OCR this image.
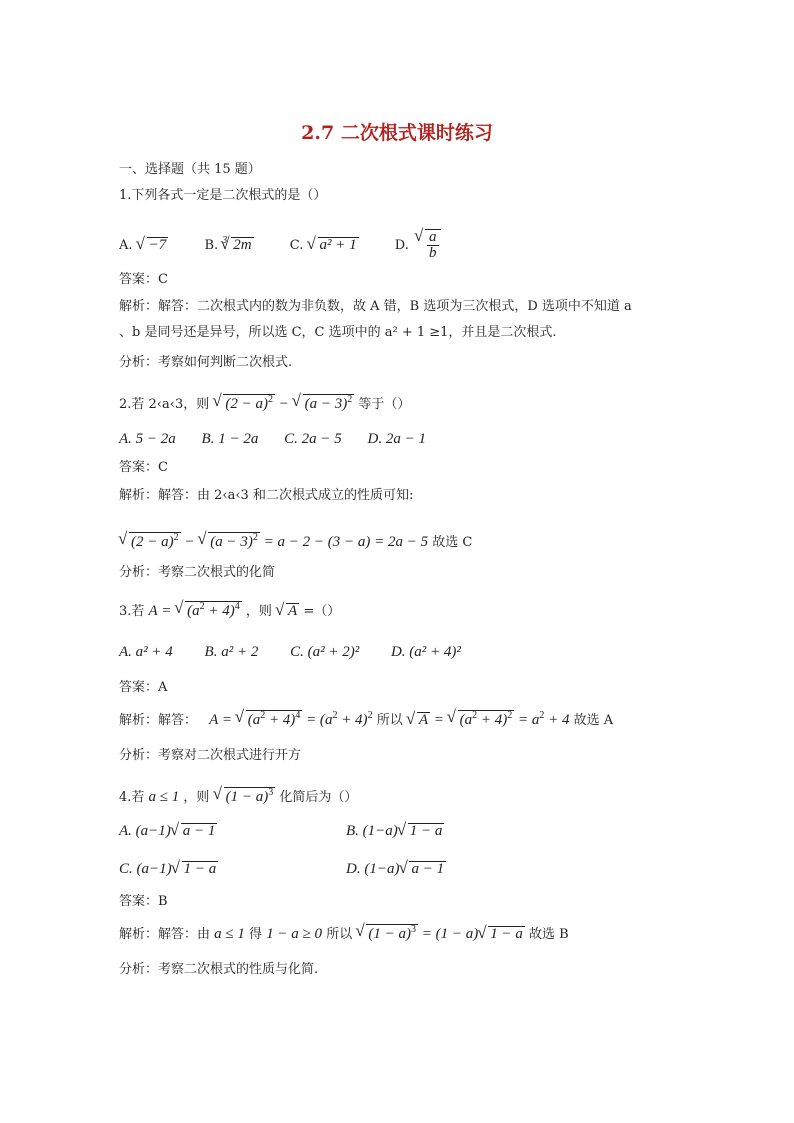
2.7 二次根式课时练习
一、选择题（共 15 题）
1.下列各式一定是二次根式的是（）
A. √ −7	B. $^3$√ 2m	C. √ a² + 1	D.
√ $\frac{a}{b}$
答案：C
解析：解答：二次根式内的数为非负数，故 A 错，B 选项为三次根式，D 选项中不知道 a
、b 是同号还是异号，所以选 C，C 选项中的 a² + 1 ≥1，并且是二次根式.
分析：考察如何判断二次根式.
2.若 2‹a‹3，则 √ $(2 - a)^2$ − √ $(a - 3)^2$ 等于（）
A. 5 − 2a B. 1 − 2a C. 2a − 5 D. 2a − 1
答案：C
解析：解答：由 2‹a‹3 和二次根式成立的性质可知:
√ $(2 - a)^2$ − √ $(a - 3)^2 = a - 2 - (3 - a) = 2a - 5$ 故选 C
分析：考察二次根式的化简
3.若 A = √ $(a^2 + 4)^4$ ，则 √ A =（）
A. a² + 4 B. a² + 2 C. (a² + 2)² D. (a² + 4)²
答案：A
解析：解答： A = √ $(a^2 + 4)^4 = (a^2 + 4)^2$ 所以 √ A = √ $(a^2 + 4)^2 = a^2 + 4$ 故选 A
分析：考察对二次根式进行开方
4.若 a ≤ 1 ，则 √ $(1 - a)^3$ 化简后为（）
A. (a−1)√ a − 1	B. (1−a)√ 1 − a
C. (a−1)√ 1 − a	D. (1−a)√ a − 1
答案：B
解析：解答：由 a ≤ 1 得 1 − a ≥ 0 所以 √ $(1 - a)^3 = (1 - a)√$ 1 − a 故选 B
分析：考察二次根式的性质与化简.
